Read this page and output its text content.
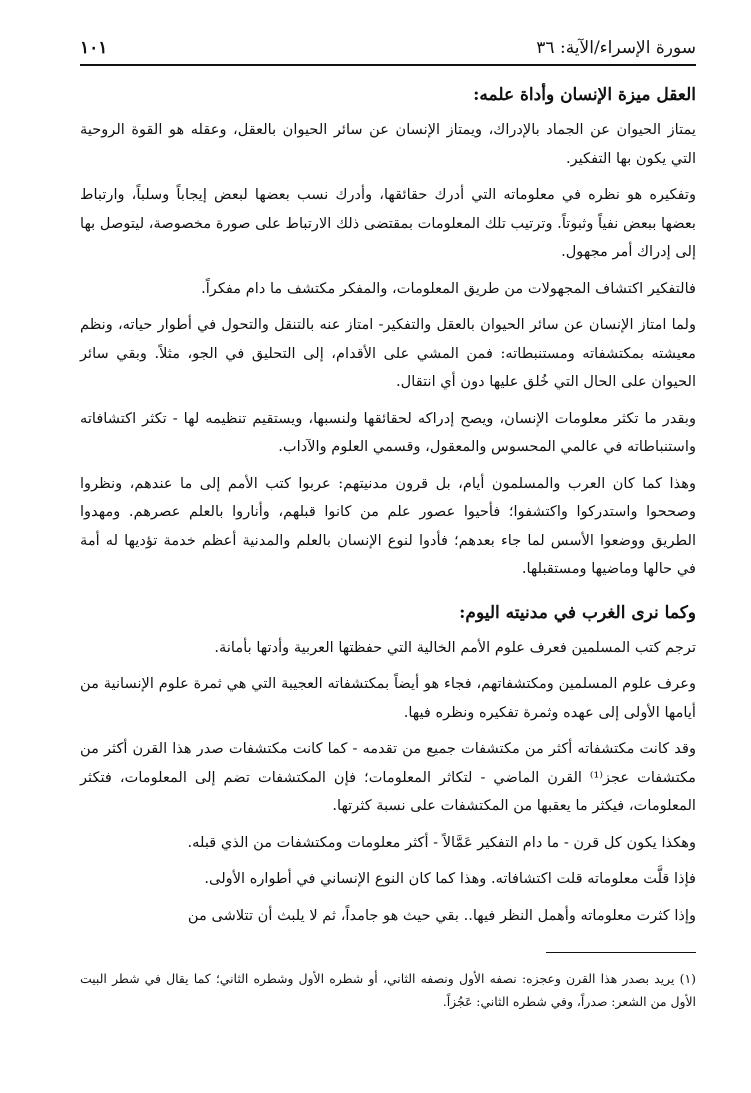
سورة الإسراء/الآية: ٣٦
١٠١
العقل ميزة الإنسان وأداة علمه:

يمتاز الحيوان عن الجماد بالإدراك، ويمتاز الإنسان عن سائر الحيوان بالعقل، وعقله هو القوة الروحية التي يكون بها التفكير.

وتفكيره هو نظره في معلوماته التي أدرك حقائقها، وأدرك نسب بعضها لبعض إيجاباً وسلباً، وارتباط بعضها ببعض نفياً وثبوتاً. وترتيب تلك المعلومات بمقتضى ذلك الارتباط على صورة مخصوصة، ليتوصل بها إلى إدراك أمر مجهول.

فالتفكير اكتشاف المجهولات من طريق المعلومات، والمفكر مكتشف ما دام مفكراً.

ولما امتاز الإنسان عن سائر الحيوان بالعقل والتفكير- امتاز عنه بالتنقل والتحول في أطوار حياته، ونظم معيشته بمكتشفاته ومستنبطاته: فمن المشي على الأقدام، إلى التحليق في الجو، مثلاً. وبقي سائر الحيوان على الحال التي خُلق عليها دون أي انتقال.

وبقدر ما تكثر معلومات الإنسان، ويصح إدراكه لحقائقها ولنسبها، ويستقيم تنظيمه لها - تكثر اكتشافاته واستنباطاته في عالمي المحسوس والمعقول، وقسمي العلوم والآداب.

وهذا كما كان العرب والمسلمون أيام، بل قرون مدنيتهم: عربوا كتب الأمم إلى ما عندهم، ونظروا وصححوا واستدركوا واكتشفوا؛ فأحيوا عصور علم من كانوا قبلهم، وأناروا بالعلم عصرهم. ومهدوا الطريق ووضعوا الأسس لما جاء بعدهم؛ فأدوا لنوع الإنسان بالعلم والمدنية أعظم خدمة تؤديها له أمة في حالها وماضيها ومستقبلها.

وكما نرى الغرب في مدنيته اليوم:

ترجم كتب المسلمين فعرف علوم الأمم الخالية التي حفظتها العربية وأدتها بأمانة.

وعرف علوم المسلمين ومكتشفاتهم، فجاء هو أيضاً بمكتشفاته العجيبة التي هي ثمرة علوم الإنسانية من أيامها الأولى إلى عهده وثمرة تفكيره ونظره فيها.

وقد كانت مكتشفاته أكثر من مكتشفات جميع من تقدمه - كما كانت مكتشفات صدر هذا القرن أكثر من مكتشفات عجز⁽¹⁾ القرن الماضي - لتكاثر المعلومات؛ فإن المكتشفات تضم إلى المعلومات، فتكثر المعلومات، فيكثر ما يعقبها من المكتشفات على نسبة كثرتها.

وهكذا يكون كل قرن - ما دام التفكير عَمَّالاً - أكثر معلومات ومكتشفات من الذي قبله.

فإذا قلَّت معلوماته قلت اكتشافاته. وهذا كما كان النوع الإنساني في أطواره الأولى.

وإذا كثرت معلوماته وأهمل النظر فيها.. بقي حيث هو جامداً، ثم لا يلبث أن تتلاشى من

(١) يريد بصدر هذا القرن وعجزه: نصفه الأول ونصفه الثاني، أو شطره الأول وشطره الثاني؛ كما يقال في شطر البيت الأول من الشعر: صدراً، وفي شطره الثاني: عَجُزاً.
